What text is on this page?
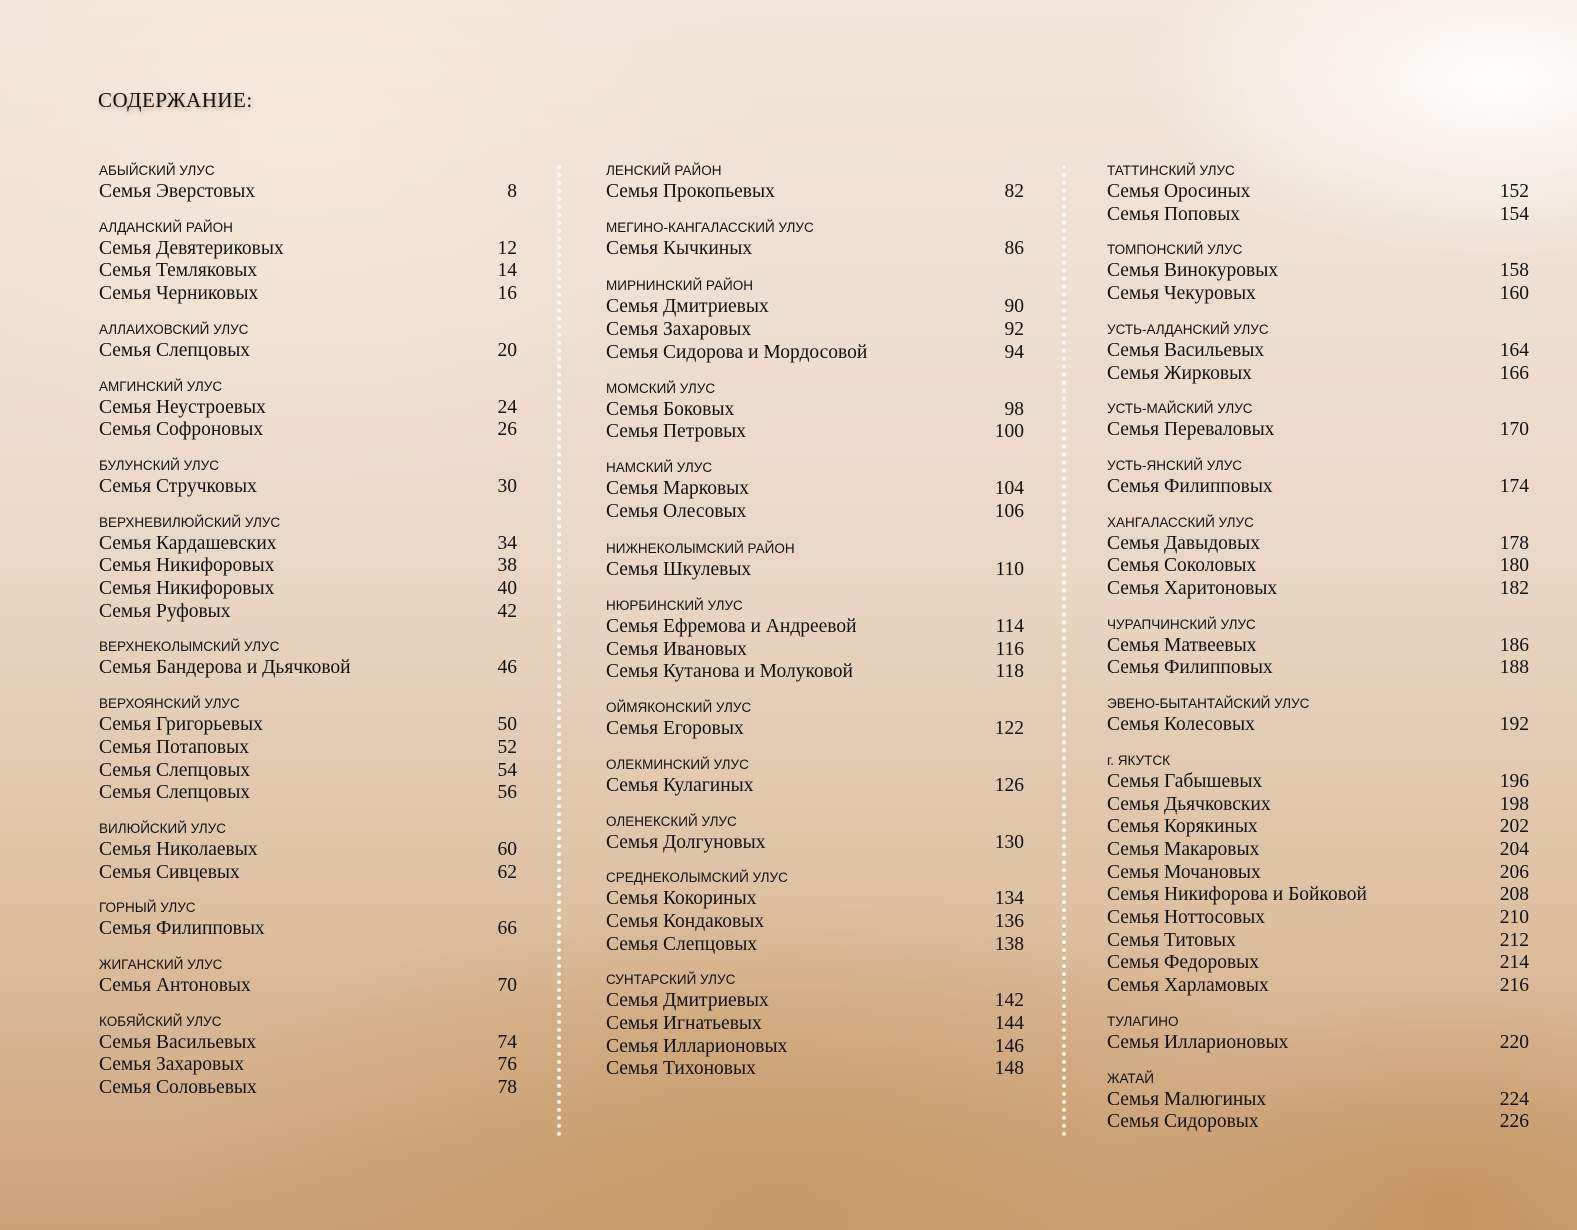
СОДЕРЖАНИЕ:
АБЫЙСКИЙ УЛУС
Семья Эверстовых	8
АЛДАНСКИЙ РАЙОН
Семья Девятериковых	12
Семья Темляковых	14
Семья Черниковых	16
АЛЛАИХОВСКИЙ УЛУС
Семья Слепцовых	20
АМГИНСКИЙ УЛУС
Семья Неустроевых	24
Семья Софроновых	26
БУЛУНСКИЙ УЛУС
Семья Стручковых	30
ВЕРХНЕВИЛЮЙСКИЙ УЛУС
Семья Кардашевских	34
Семья Никифоровых	38
Семья Никифоровых	40
Семья Руфовых	42
ВЕРХНЕКОЛЫМСКИЙ УЛУС
Семья Бандерова и Дьячковой	46
ВЕРХОЯНСКИЙ УЛУС
Семья Григорьевых	50
Семья Потаповых	52
Семья Слепцовых	54
Семья Слепцовых	56
ВИЛЮЙСКИЙ УЛУС
Семья Николаевых	60
Семья Сивцевых	62
ГОРНЫЙ УЛУС
Семья Филипповых	66
ЖИГАНСКИЙ УЛУС
Семья Антоновых	70
КОБЯЙСКИЙ УЛУС
Семья Васильевых	74
Семья Захаровых	76
Семья Соловьевых	78
ЛЕНСКИЙ РАЙОН
Семья Прокопьевых	82
МЕГИНО-КАНГАЛАССКИЙ УЛУС
Семья Кычкиных	86
МИРНИНСКИЙ РАЙОН
Семья Дмитриевых	90
Семья Захаровых	92
Семья Сидорова и Мордосовой	94
МОМСКИЙ УЛУС
Семья Боковых	98
Семья Петровых	100
НАМСКИЙ УЛУС
Семья Марковых	104
Семья Олесовых	106
НИЖНЕКОЛЫМСКИЙ РАЙОН
Семья Шкулевых	110
НЮРБИНСКИЙ УЛУС
Семья Ефремова и Андреевой	114
Семья Ивановых	116
Семья Кутанова и Молуковой	118
ОЙМЯКОНСКИЙ УЛУС
Семья Егоровых	122
ОЛЕКМИНСКИЙ УЛУС
Семья Кулагиных	126
ОЛЕНЕКСКИЙ УЛУС
Семья Долгуновых	130
СРЕДНЕКОЛЫМСКИЙ УЛУС
Семья Кокориных	134
Семья Кондаковых	136
Семья Слепцовых	138
СУНТАРСКИЙ УЛУС
Семья Дмитриевых	142
Семья Игнатьевых	144
Семья Илларионовых	146
Семья Тихоновых	148
ТАТТИНСКИЙ УЛУС
Семья Оросиных	152
Семья Поповых	154
ТОМПОНСКИЙ УЛУС
Семья Винокуровых	158
Семья Чекуровых	160
УСТЬ-АЛДАНСКИЙ УЛУС
Семья Васильевых	164
Семья Жирковых	166
УСТЬ-МАЙСКИЙ УЛУС
Семья Переваловых	170
УСТЬ-ЯНСКИЙ УЛУС
Семья Филипповых	174
ХАНГАЛАССКИЙ УЛУС
Семья Давыдовых	178
Семья Соколовых	180
Семья Харитоновых	182
ЧУРАПЧИНСКИЙ УЛУС
Семья Матвеевых	186
Семья Филипповых	188
ЭВЕНО-БЫТАНТАЙСКИЙ УЛУС
Семья Колесовых	192
г. ЯКУТСК
Семья Габышевых	196
Семья Дьячковских	198
Семья Корякиных	202
Семья Макаровых	204
Семья Мочановых	206
Семья Никифорова и Бойковой	208
Семья Ноттосовых	210
Семья Титовых	212
Семья Федоровых	214
Семья Харламовых	216
ТУЛАГИНО
Семья Илларионовых	220
ЖАТАЙ
Семья Малюгиных	224
Семья Сидоровых	226
